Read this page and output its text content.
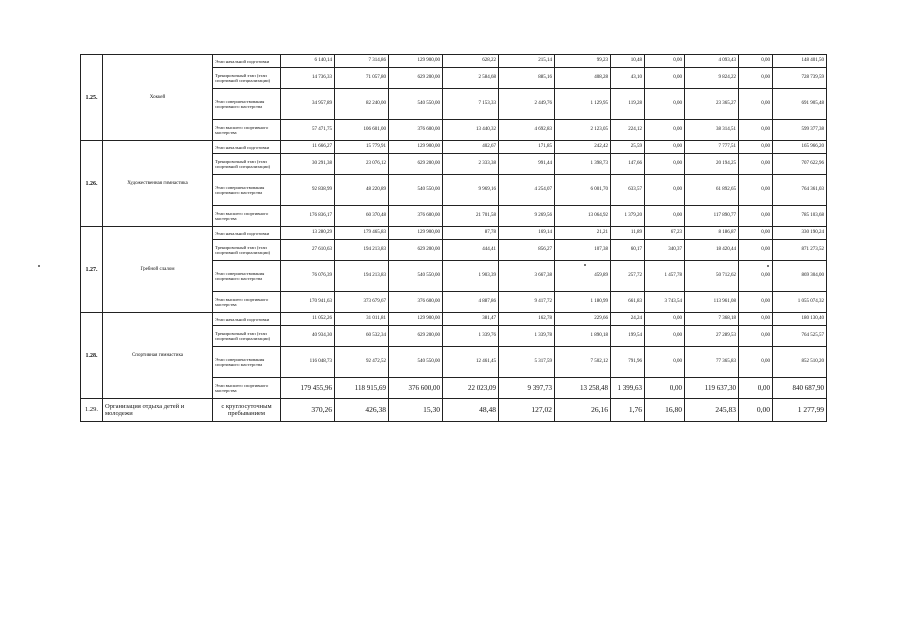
1.25.	Хоккей	Этап начальной подготовки	6 140,14	7 314,86	129 900,00	628,22	215,14	99,23	10,48	0,00	4 093,43	0,00	148 401,50
		Тренировочный этап (этап спортивной специализации)	14 736,33	71 057,80	629 200,00	2 584,68	885,16	408,28	43,10	0,00	9 824,22	0,00	728 739,59
		Этап совершенствования спортивного мастерства	34 957,89	82 240,00	540 550,00	7 153,33	2 449,76	1 129,95	119,28	0,00	23 365,27	0,00	691 905,48
		Этап высшего спортивного мастерства	57 471,75	106 601,00	376 600,00	13 440,32	4 692,83	2 123,05	224,12	0,00	38 314,51	0,00	599 377,38
1.26.	Художественная гимнастика	Этап начальной подготовки	11 666,27	15 779,91	129 900,00	402,67	171,85	242,42	25,59	0,00	7 777,51	0,00	165 966,20
		Тренировочный этап (этап спортивной специализации)	30 291,38	23 076,12	629 200,00	2 333,38	991,44	1 398,73	147,66	0,00	20 194,25	0,00	707 622,96
		Этап совершенствования спортивного мастерства	92 838,99	48 220,89	540 550,00	9 969,16	4 254,07	6 001,70	633,57	0,00	61 892,65	0,00	764 361,03
		Этап высшего спортивного мастерства	176 836,17	60 370,48	376 600,00	21 701,58	9 269,56	13 064,92	1 379,20	0,00	117 890,77	0,00	785 103,68
1.27.	Гребной слалом	Этап начальной подготовки	13 280,29	179 465,83	129 900,00	87,78	169,14	21,21	11,89	67,23	8 186,87	0,00	330 190,24
		Тренировочный этап (этап спортивной специализации)	27 610,63	194 213,83	629 200,00	444,41	856,27	107,38	60,17	340,37	18 420,44	0,00	871 273,52
		Этап совершенствования спортивного мастерства	76 076,39	194 213,83	540 550,00	1 903,39	3 667,38	459,89	257,72	1 457,78	50 712,62	0,00	869 304,00
		Этап высшего спортивного мастерства	170 941,63	373 679,67	376 600,00	4 887,86	9 417,72	1 180,99	661,83	3 743,54	113 961,08	0,00	1 055 074,32
1.28.	Спортивная гимнастика	Этап начальной подготовки	11 052,26	31 011,81	129 900,00	381,47	162,78	229,66	24,24	0,00	7 368,18	0,00	180 130,40
		Тренировочный этап (этап спортивной специализации)	40 934,30	60 532,34	629 200,00	1 339,76	1 339,78	1 890,18	199,54	0,00	27 289,53	0,00	764 525,57
		Этап совершенствования спортивного мастерства	116 048,73	92 472,52	540 550,00	12 461,45	5 317,59	7 502,12	791,96	0,00	77 365,83	0,00	852 510,20
		Этап высшего спортивного мастерства	179 455,96	118 915,69	376 600,00	22 023,09	9 397,73	13 258,48	1 399,63	0,00	119 637,30	0,00	840 687,90
1.29.	Организация отдыха детей и молодежи	с круглосуточным пребыванием	370,26	426,38	15,30	48,48	127,02	26,16	1,76	16,80	245,83	0,00	1 277,99
